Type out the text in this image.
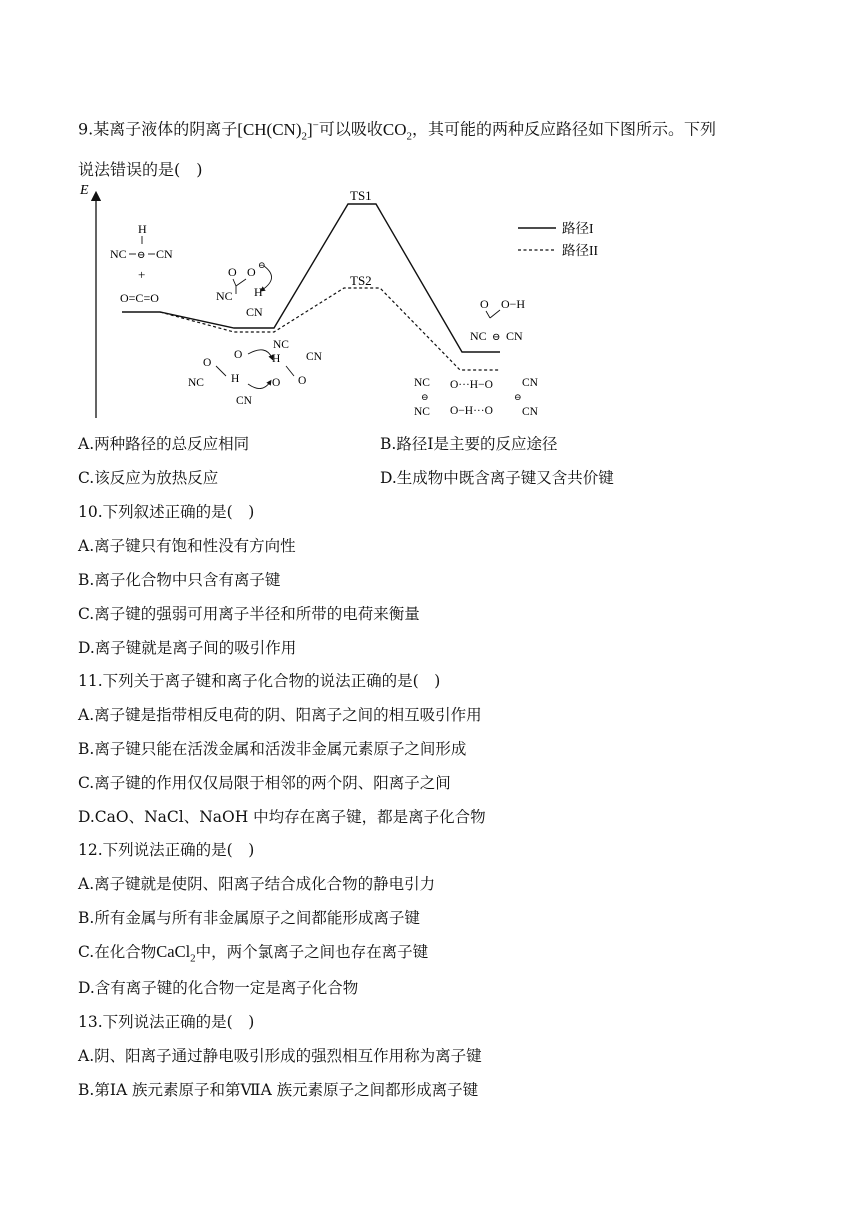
9.某离子液体的阴离子$[CH(CN)_2]^-$可以吸收$CO_2$，其可能的两种反应路径如下图所示。下列
说法错误的是(　)
E	TS1
TS2
路径I
路径II
H
NC ⊖ CN
+
O=C=O
O O ⊖
NC H
CN
O
O
NC
H CN
NC H
CN
O O
O O−H
NC ⊖ CN
NC
⊖
NC
O···H−O
O−H···O
⊖
CN
CN
A.两种路径的总反应相同	B.路径Ⅰ是主要的反应途径
C.该反应为放热反应	D.生成物中既含离子键又含共价键
10.下列叙述正确的是(　)
A.离子键只有饱和性没有方向性
B.离子化合物中只含有离子键
C.离子键的强弱可用离子半径和所带的电荷来衡量
D.离子键就是离子间的吸引作用
11.下列关于离子键和离子化合物的说法正确的是(　)
A.离子键是指带相反电荷的阴、阳离子之间的相互吸引作用
B.离子键只能在活泼金属和活泼非金属元素原子之间形成
C.离子键的作用仅仅局限于相邻的两个阴、阳离子之间
D.CaO、NaCl、NaOH 中均存在离子键，都是离子化合物
12.下列说法正确的是(　)
A.离子键就是使阴、阳离子结合成化合物的静电引力
B.所有金属与所有非金属原子之间都能形成离子键
C.在化合物CaCl$_2$中，两个氯离子之间也存在离子键
D.含有离子键的化合物一定是离子化合物
13.下列说法正确的是(　)
A.阴、阳离子通过静电吸引形成的强烈相互作用称为离子键
B.第ⅠA 族元素原子和第ⅦA 族元素原子之间都形成离子键
